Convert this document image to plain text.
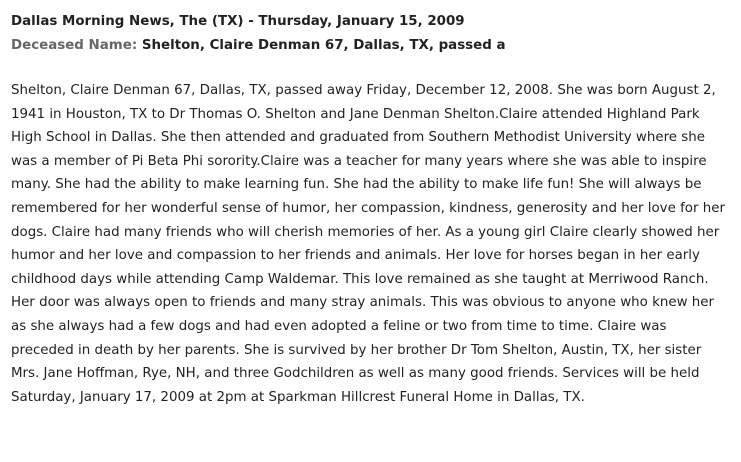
Dallas Morning News, The (TX) - Thursday, January 15, 2009
Deceased Name: Shelton, Claire Denman 67, Dallas, TX, passed a

Shelton, Claire Denman 67, Dallas, TX, passed away Friday, December 12, 2008. She was born August 2, 1941 in Houston, TX to Dr Thomas O. Shelton and Jane Denman Shelton.Claire attended Highland Park High School in Dallas. She then attended and graduated from Southern Methodist University where she was a member of Pi Beta Phi sorority.Claire was a teacher for many years where she was able to inspire many. She had the ability to make learning fun. She had the ability to make life fun! She will always be remembered for her wonderful sense of humor, her compassion, kindness, generosity and her love for her dogs. Claire had many friends who will cherish memories of her. As a young girl Claire clearly showed her humor and her love and compassion to her friends and animals. Her love for horses began in her early childhood days while attending Camp Waldemar. This love remained as she taught at Merriwood Ranch. Her door was always open to friends and many stray animals. This was obvious to anyone who knew her as she always had a few dogs and had even adopted a feline or two from time to time. Claire was preceded in death by her parents. She is survived by her brother Dr Tom Shelton, Austin, TX, her sister Mrs. Jane Hoffman, Rye, NH, and three Godchildren as well as many good friends. Services will be held Saturday, January 17, 2009 at 2pm at Sparkman Hillcrest Funeral Home in Dallas, TX.
